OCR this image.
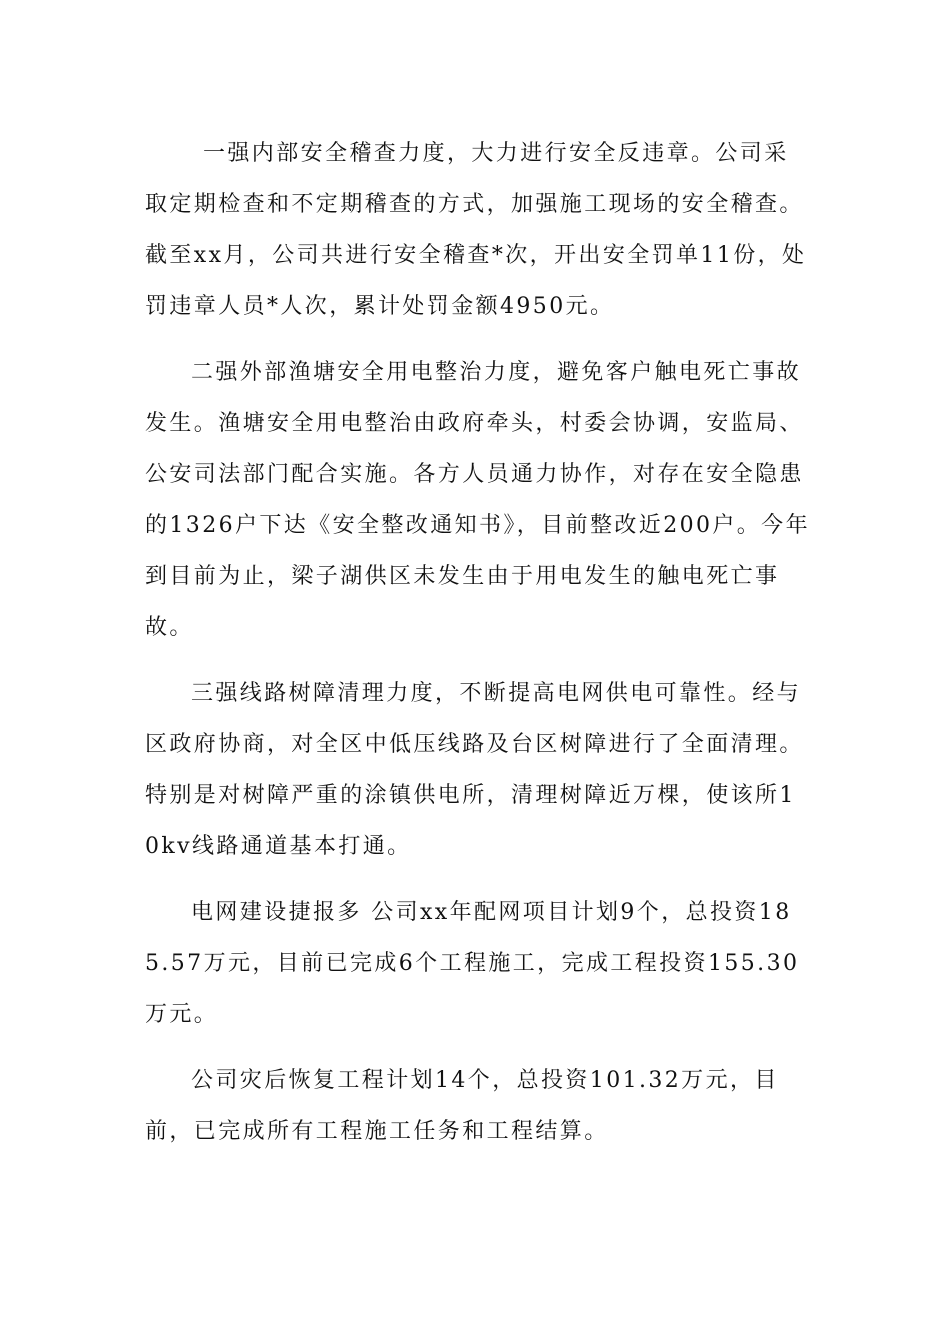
一强内部安全稽查力度，大力进行安全反违章。公司采取定期检查和不定期稽查的方式，加强施工现场的安全稽查。截至xx月，公司共进行安全稽查*次，开出安全罚单11份，处罚违章人员*人次，累计处罚金额4950元。

二强外部渔塘安全用电整治力度，避免客户触电死亡事故发生。渔塘安全用电整治由政府牵头，村委会协调，安监局、公安司法部门配合实施。各方人员通力协作，对存在安全隐患的1326户下达《安全整改通知书》，目前整改近200户。今年到目前为止，梁子湖供区未发生由于用电发生的触电死亡事故。

三强线路树障清理力度，不断提高电网供电可靠性。经与区政府协商，对全区中低压线路及台区树障进行了全面清理。特别是对树障严重的涂镇供电所，清理树障近万棵，使该所10kv线路通道基本打通。

电网建设捷报多 公司xx年配网项目计划9个，总投资185.57万元，目前已完成6个工程施工，完成工程投资155.30万元。

公司灾后恢复工程计划14个，总投资101.32万元，目前，已完成所有工程施工任务和工程结算。
